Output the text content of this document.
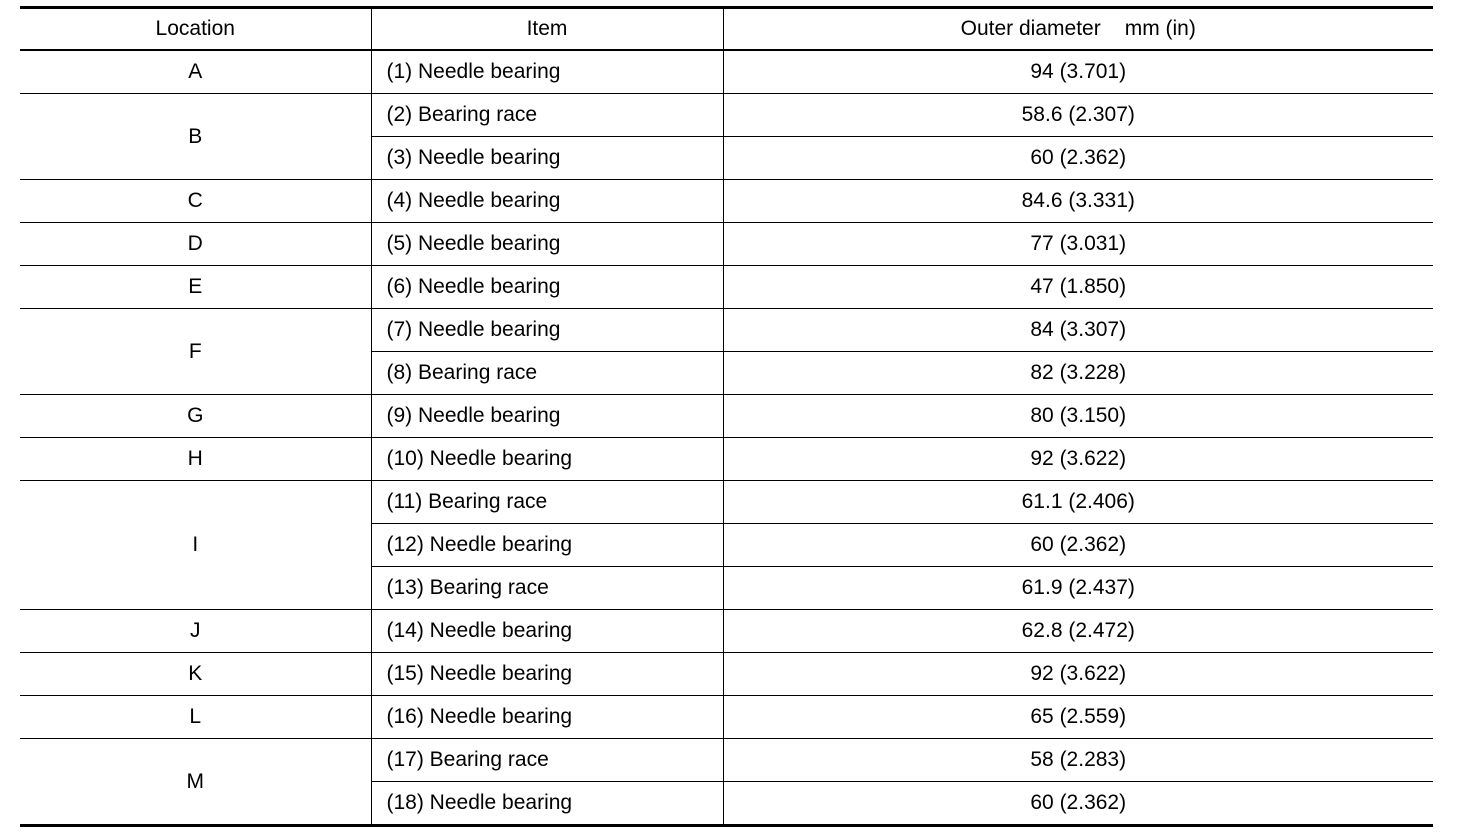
Location	Item	Outer diameter mm (in)
A	(1) Needle bearing	94 (3.701)
B	(2) Bearing race	58.6 (2.307)
	(3) Needle bearing	60 (2.362)
C	(4) Needle bearing	84.6 (3.331)
D	(5) Needle bearing	77 (3.031)
E	(6) Needle bearing	47 (1.850)
F	(7) Needle bearing	84 (3.307)
	(8) Bearing race	82 (3.228)
G	(9) Needle bearing	80 (3.150)
H	(10) Needle bearing	92 (3.622)
I	(11) Bearing race	61.1 (2.406)
	(12) Needle bearing	60 (2.362)
	(13) Bearing race	61.9 (2.437)
J	(14) Needle bearing	62.8 (2.472)
K	(15) Needle bearing	92 (3.622)
L	(16) Needle bearing	65 (2.559)
M	(17) Bearing race	58 (2.283)
	(18) Needle bearing	60 (2.362)
